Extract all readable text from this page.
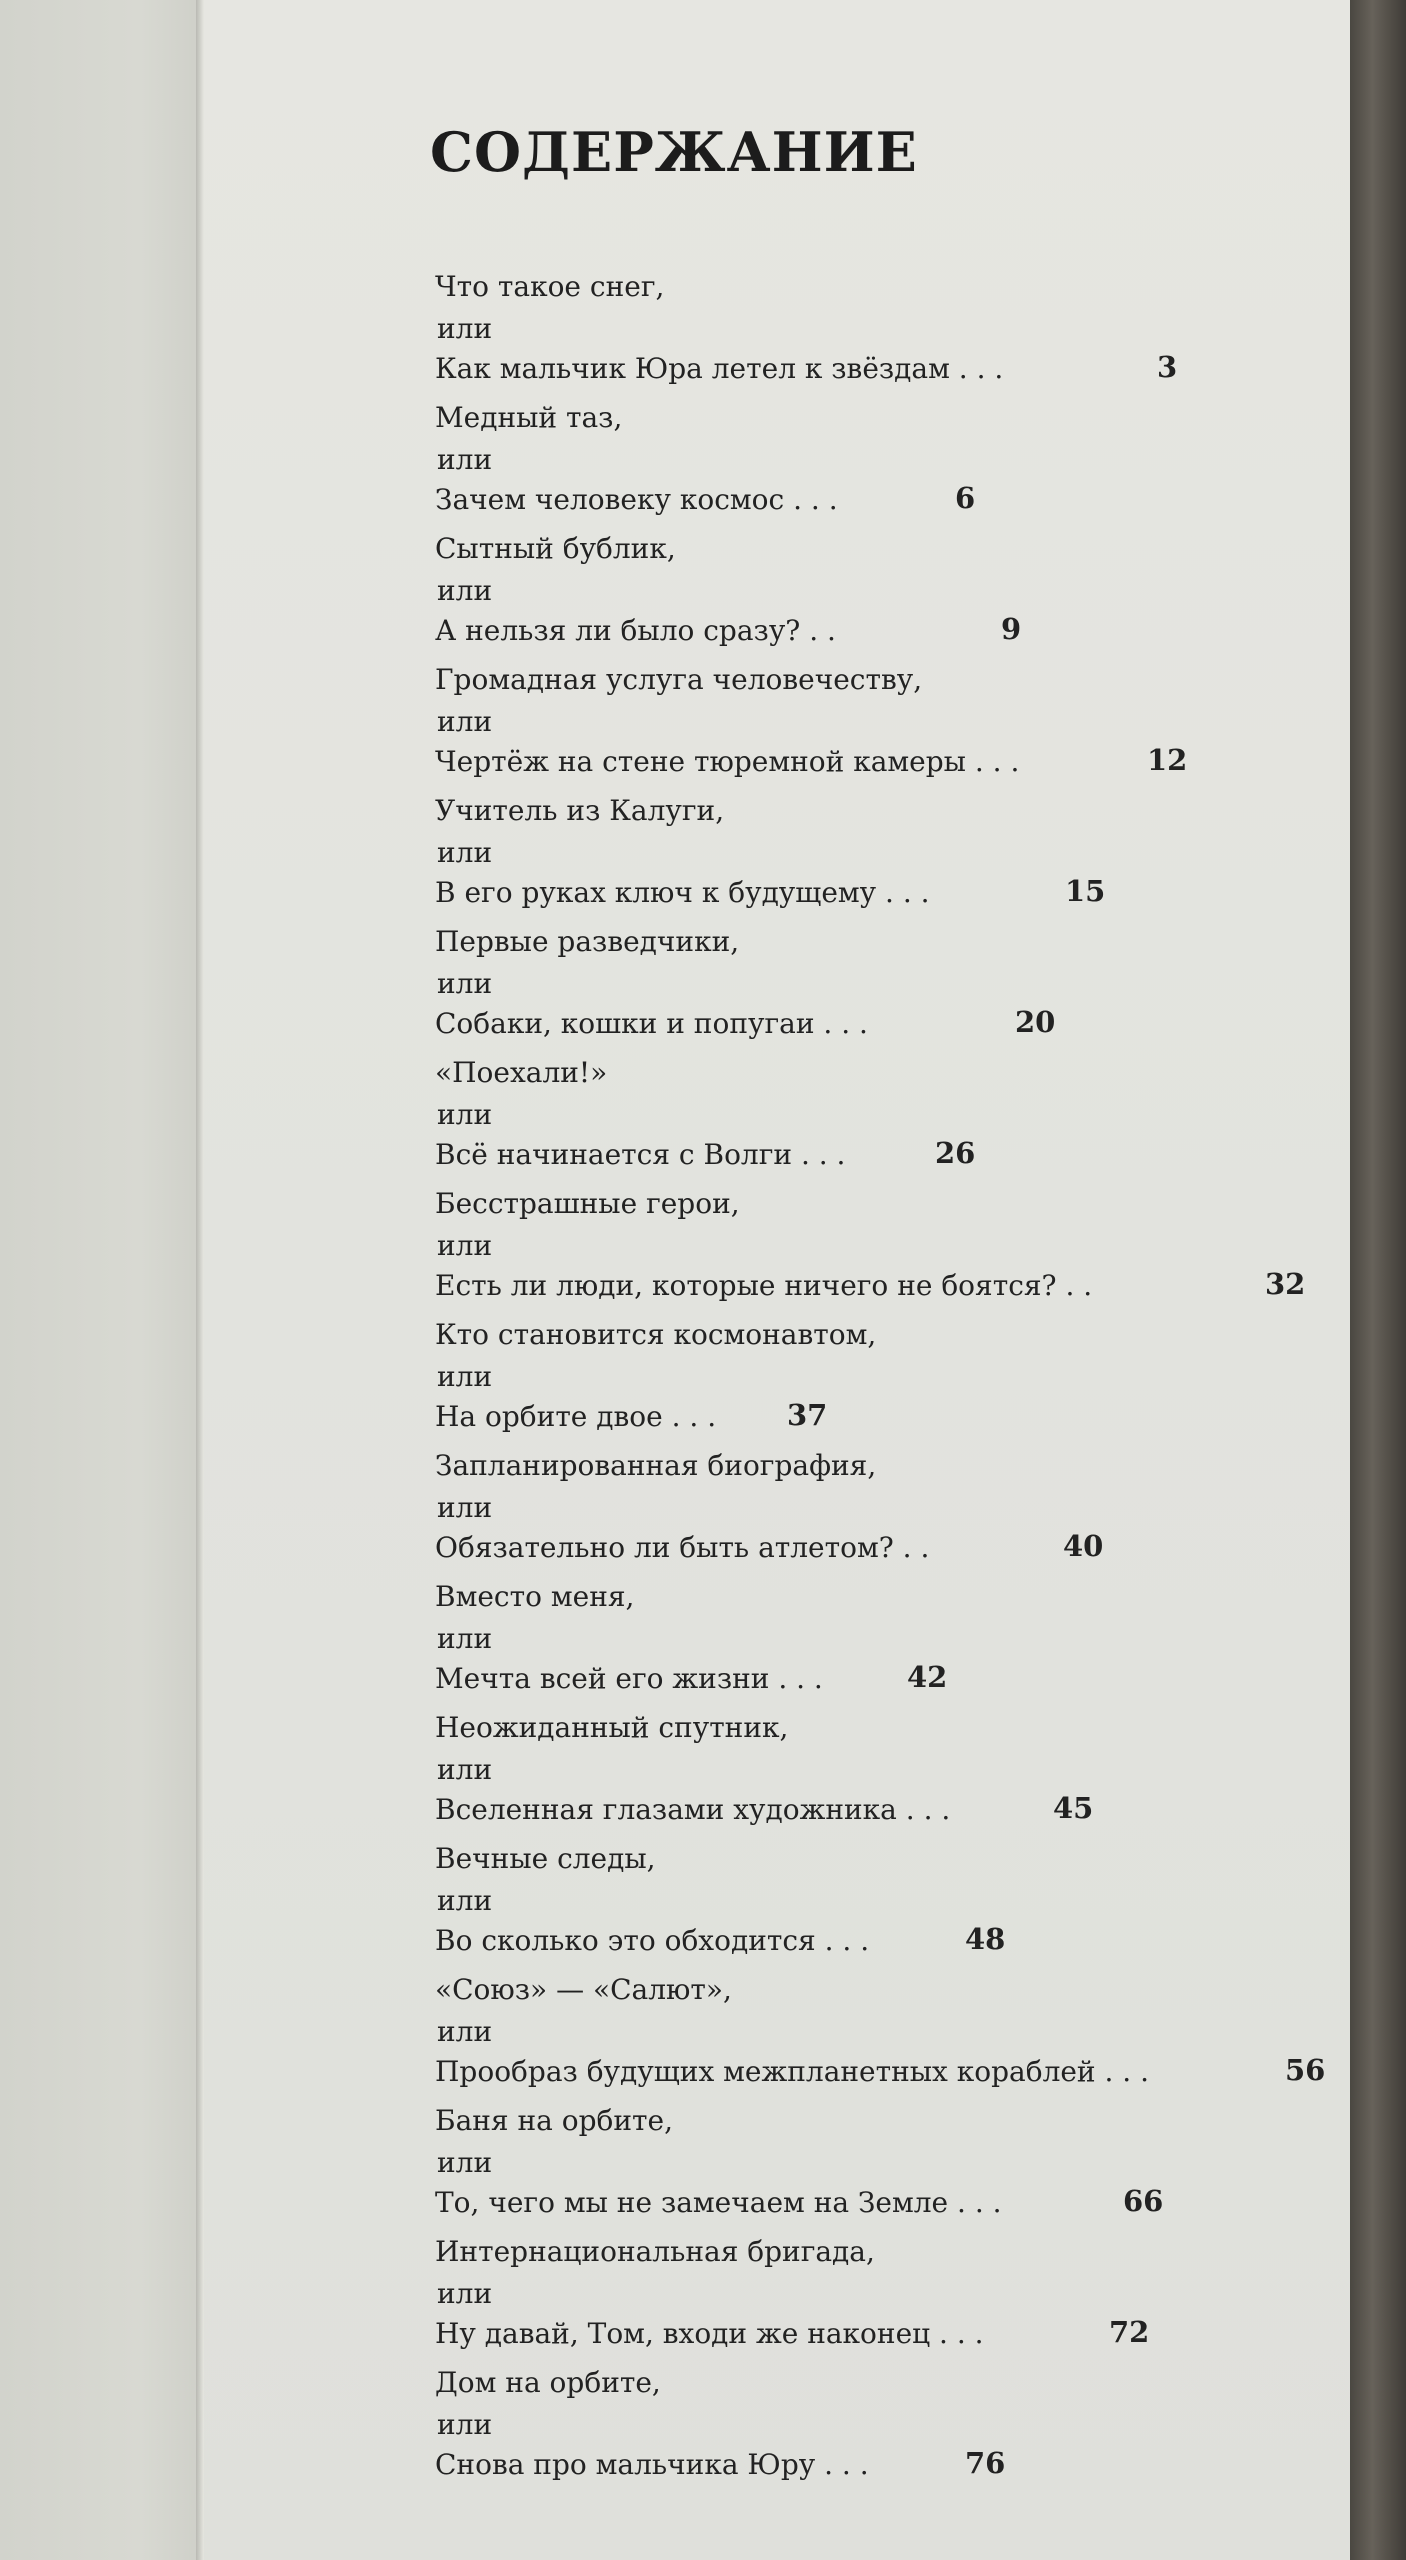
СОДЕРЖАНИЕ
Что такое снег,
или
Как мальчик Юра летел к звёздам . . .	3
Медный таз,
или
Зачем человеку космос . . .	6
Сытный бублик,
или
А нельзя ли было сразу? . .	9
Громадная услуга человечеству,
или
Чертёж на стене тюремной камеры . . .	12
Учитель из Калуги,
или
В его руках ключ к будущему . . .	15
Первые разведчики,
или
Собаки, кошки и попугаи . . .	20
«Поехали!»
или
Всё начинается с Волги . . .	26
Бесстрашные герои,
или
Есть ли люди, которые ничего не боятся? . .	32
Кто становится космонавтом,
или
На орбите двое . . . 37
Запланированная биография,
или
Обязательно ли быть атлетом? . .	40
Вместо меня,
или
Мечта всей его жизни . . .	42
Неожиданный спутник,
или
Вселенная глазами художника . . .	45
Вечные следы,
или
Во сколько это обходится . . .	48
«Союз» — «Салют»,
или
Прообраз будущих межпланетных кораблей . . .	56
Баня на орбите,
или
То, чего мы не замечаем на Земле . . .	66
Интернациональная бригада,
или
Ну давай, Том, входи же наконец . . .	72
Дом на орбите,
или
Снова про мальчика Юру . . .	76
